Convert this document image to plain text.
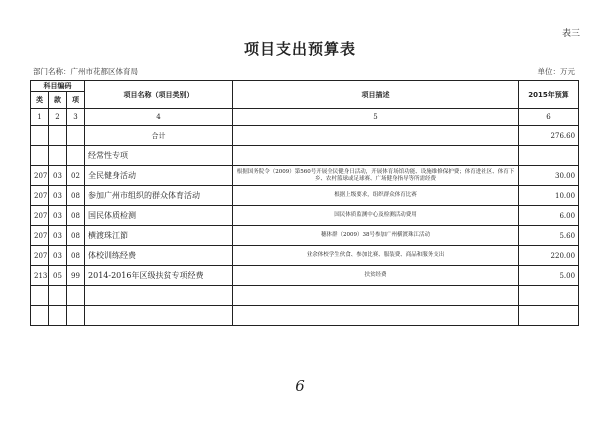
表三
项目支出预算表
部门名称：广州市花都区体育局	单位：万元
科目编码			项目名称（项目类别）	项目描述	2015年预算
类	款	项			
1	2	3	4	5	6
			合计		276.60
			经常性专项		
207	03	02	全民健身活动	根据国务院令（2009）第560号开展全民健身日活动，开展体育场馆功能、设施维修保护费；体育进社区、体育下乡、农村篮球或足球赛、广场健身指导等所需经费	30.00
207	03	08	参加广州市组织的群众体育活动	根据上级要求，组织群众体育比赛	10.00
207	03	08	国民体质检测	国民体质监测中心及检测活动费用	6.00
207	03	08	横渡珠江節	穗体群（2009）38号参加广州横渡珠江活动	5.60
207	03	08	体校训练经费	业余体校学生伙食、参加比赛、服装费、商品和服务支出	220.00
213	05	99	2014-2016年区级扶贫专项经费	扶贫经费	5.00

6
